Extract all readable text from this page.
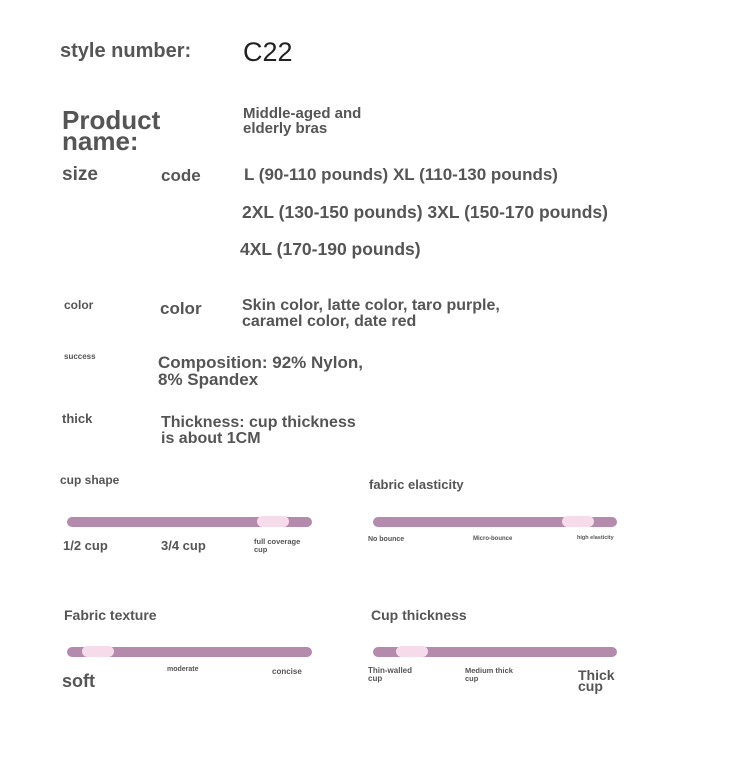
style number: C22
Product
name:
Middle-aged and
elderly bras
size	code	L (90-110 pounds) XL (110-130 pounds)
2XL (130-150 pounds) 3XL (150-170 pounds)
4XL (170-190 pounds)
color	color	Skin color, latte color, taro purple,
caramel color, date red
success	Composition: 92% Nylon,
8% Spandex
thick	Thickness: cup thickness
is about 1CM
cup shape
1/2 cup	3/4 cup	full coverage
cup
fabric elasticity
No bounce	Micro-bounce	high elasticity
Fabric texture
soft
moderate	concise
Cup thickness
Thin-walled
cup
Medium thick
cup	Thick
cup
